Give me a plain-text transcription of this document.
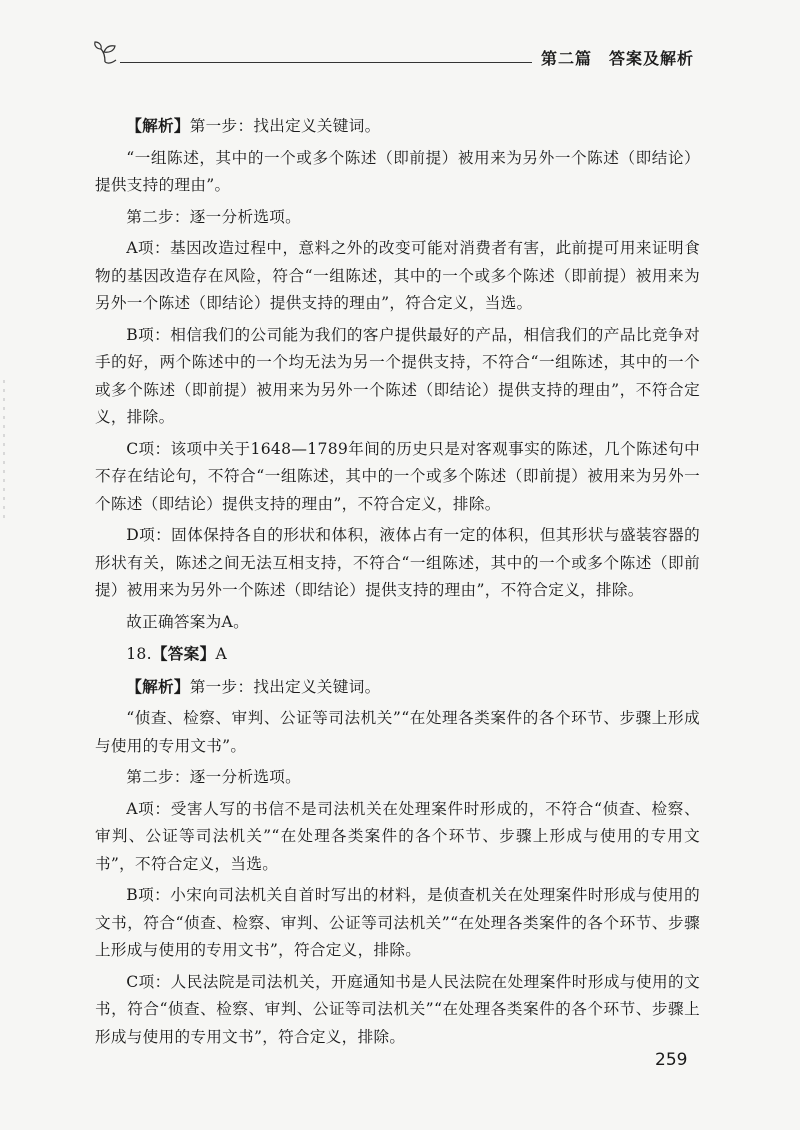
第二篇　答案及解析

【解析】第一步：找出定义关键词。

“一组陈述，其中的一个或多个陈述（即前提）被用来为另外一个陈述（即结论）提供支持的理由”。

第二步：逐一分析选项。

A项：基因改造过程中，意料之外的改变可能对消费者有害，此前提可用来证明食物的基因改造存在风险，符合“一组陈述，其中的一个或多个陈述（即前提）被用来为另外一个陈述（即结论）提供支持的理由”，符合定义，当选。

B项：相信我们的公司能为我们的客户提供最好的产品，相信我们的产品比竞争对手的好，两个陈述中的一个均无法为另一个提供支持，不符合“一组陈述，其中的一个或多个陈述（即前提）被用来为另外一个陈述（即结论）提供支持的理由”，不符合定义，排除。

C项：该项中关于1648—1789年间的历史只是对客观事实的陈述，几个陈述句中不存在结论句，不符合“一组陈述，其中的一个或多个陈述（即前提）被用来为另外一个陈述（即结论）提供支持的理由”，不符合定义，排除。

D项：固体保持各自的形状和体积，液体占有一定的体积，但其形状与盛装容器的形状有关，陈述之间无法互相支持，不符合“一组陈述，其中的一个或多个陈述（即前提）被用来为另外一个陈述（即结论）提供支持的理由”，不符合定义，排除。

故正确答案为A。

18.【答案】A

【解析】第一步：找出定义关键词。

“侦查、检察、审判、公证等司法机关”“在处理各类案件的各个环节、步骤上形成与使用的专用文书”。

第二步：逐一分析选项。

A项：受害人写的书信不是司法机关在处理案件时形成的，不符合“侦查、检察、审判、公证等司法机关”“在处理各类案件的各个环节、步骤上形成与使用的专用文书”，不符合定义，当选。

B项：小宋向司法机关自首时写出的材料，是侦查机关在处理案件时形成与使用的文书，符合“侦查、检察、审判、公证等司法机关”“在处理各类案件的各个环节、步骤上形成与使用的专用文书”，符合定义，排除。

C项：人民法院是司法机关，开庭通知书是人民法院在处理案件时形成与使用的文书，符合“侦查、检察、审判、公证等司法机关”“在处理各类案件的各个环节、步骤上形成与使用的专用文书”，符合定义，排除。

259
